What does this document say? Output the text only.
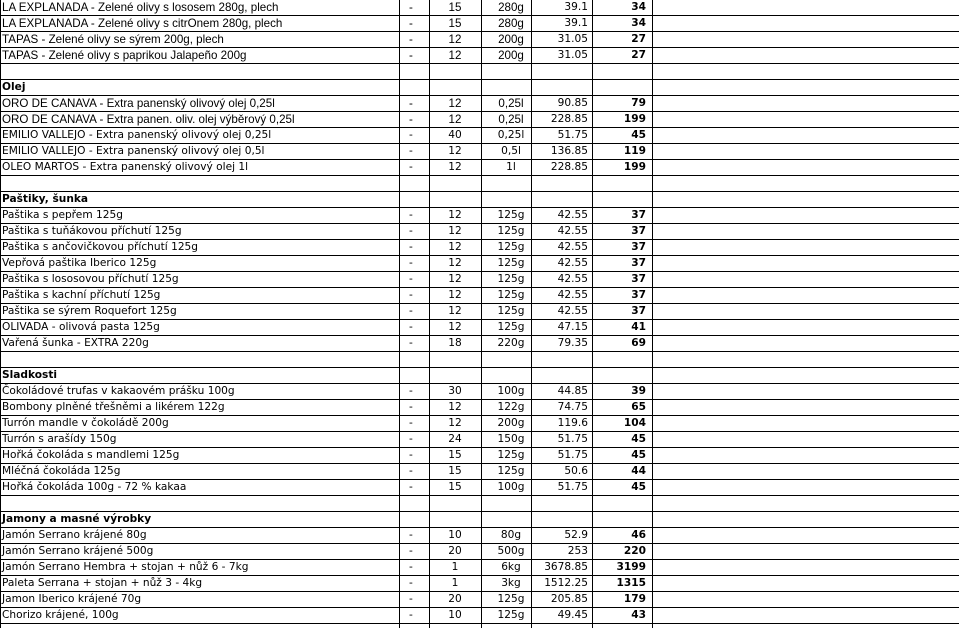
LA EXPLANADA - Zelené olivy s lososem 280g, plech	-	15	280g	39.1	34
LA EXPLANADA - Zelené olivy s citrOnem 280g, plech	-	15	280g	39.1	34
TAPAS - Zelené olivy se sýrem 200g, plech	-	12	200g	31.05	27
TAPAS - Zelené olivy s paprikou Jalapeño 200g	-	12	200g	31.05	27
Olej
ORO DE CANAVA - Extra panenský olivový olej 0,25l	-	12	0,25l	90.85	79
ORO DE CANAVA - Extra panen. oliv. olej výběrový 0,25l	-	12	0,25l	228.85	199
EMILIO VALLEJO - Extra panenský olivový olej 0,25l	-	40	0,25l	51.75	45
EMILIO VALLEJO - Extra panenský olivový olej 0,5l	-	12	0,5l	136.85	119
OLEO MARTOS - Extra panenský olivový olej 1l	-	12	1l	228.85	199
Paštiky, šunka
Paštika s pepřem 125g	-	12	125g	42.55	37
Paštika s tuňákovou příchutí 125g	-	12	125g	42.55	37
Paštika s ančovičkovou příchutí 125g	-	12	125g	42.55	37
Vepřová paštika Iberico 125g	-	12	125g	42.55	37
Paštika s lososovou příchutí 125g	-	12	125g	42.55	37
Paštika s kachní příchutí 125g	-	12	125g	42.55	37
Paštika se sýrem Roquefort 125g	-	12	125g	42.55	37
OLIVADA - olivová pasta 125g	-	12	125g	47.15	41
Vařená šunka - EXTRA 220g	-	18	220g	79.35	69
Sladkosti
Čokoládové trufas v kakaovém prášku 100g	-	30	100g	44.85	39
Bombony plněné třešněmi a likérem 122g	-	12	122g	74.75	65
Turrón mandle v čokoládě 200g	-	12	200g	119.6	104
Turrón s arašídy 150g	-	24	150g	51.75	45
Hořká čokoláda s mandlemi 125g	-	15	125g	51.75	45
Mléčná čokoláda 125g	-	15	125g	50.6	44
Hořká čokoláda 100g - 72 % kakaa	-	15	100g	51.75	45
Jamony a masné výrobky
Jamón Serrano krájené 80g	-	10	80g	52.9	46
Jamón Serrano krájené 500g	-	20	500g	253	220
Jamón Serrano Hembra + stojan + nůž 6 - 7kg	-	1	6kg	3678.85	3199
Paleta Serrana + stojan + nůž 3 - 4kg	-	1	3kg	1512.25	1315
Jamon Iberico krájené 70g	-	20	125g	205.85	179
Chorizo krájené, 100g	-	10	125g	49.45	43
